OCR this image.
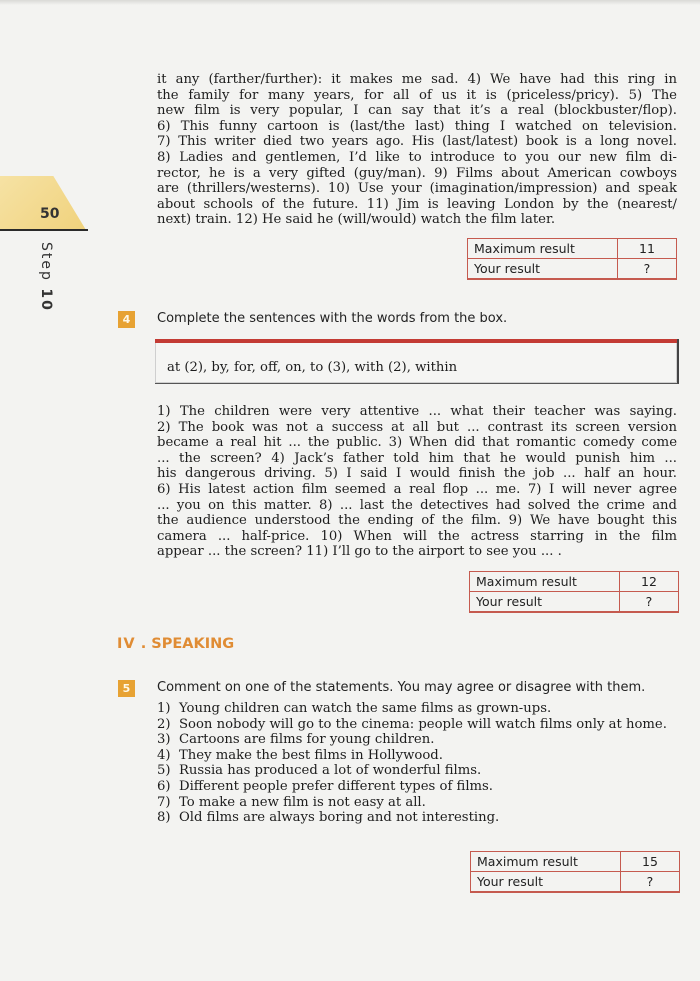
50
Step 10
it any (farther/further): it makes me sad. 4) We have had this ring in
the family for many years, for all of us it is (priceless/pricy). 5) The
new film is very popular, I can say that it’s a real (blockbuster/flop).
6) This funny cartoon is (last/the last) thing I watched on television.
7) This writer died two years ago. His (last/latest) book is a long novel.
8) Ladies and gentlemen, I’d like to introduce to you our new film di-
rector, he is a very gifted (guy/man). 9) Films about American cowboys
are (thrillers/westerns). 10) Use your (imagination/impression) and speak
about schools of the future. 11) Jim is leaving London by the (nearest/
next) train. 12) He said he (will/would) watch the film later.
Maximum result	11
Your result	?
4	Complete the sentences with the words from the box.
at (2), by, for, off, on, to (3), with (2), within
1) The children were very attentive ... what their teacher was saying.
2) The book was not a success at all but ... contrast its screen version
became a real hit ... the public. 3) When did that romantic comedy come
... the screen? 4) Jack’s father told him that he would punish him ...
his dangerous driving. 5) I said I would finish the job ... half an hour.
6) His latest action film seemed a real flop ... me. 7) I will never agree
... you on this matter. 8) ... last the detectives had solved the crime and
the audience understood the ending of the film. 9) We have bought this
camera ... half-price. 10) When will the actress starring in the film
appear ... the screen? 11) I’ll go to the airport to see you ... .
Maximum result	12
Your result	?
IV . SPEAKING
5	Comment on one of the statements. You may agree or disagree with them.
1) Young children can watch the same films as grown-ups.
2) Soon nobody will go to the cinema: people will watch films only at home.
3) Cartoons are films for young children.
4) They make the best films in Hollywood.
5) Russia has produced a lot of wonderful films.
6) Different people prefer different types of films.
7) To make a new film is not easy at all.
8) Old films are always boring and not interesting.
Maximum result	15
Your result	?
